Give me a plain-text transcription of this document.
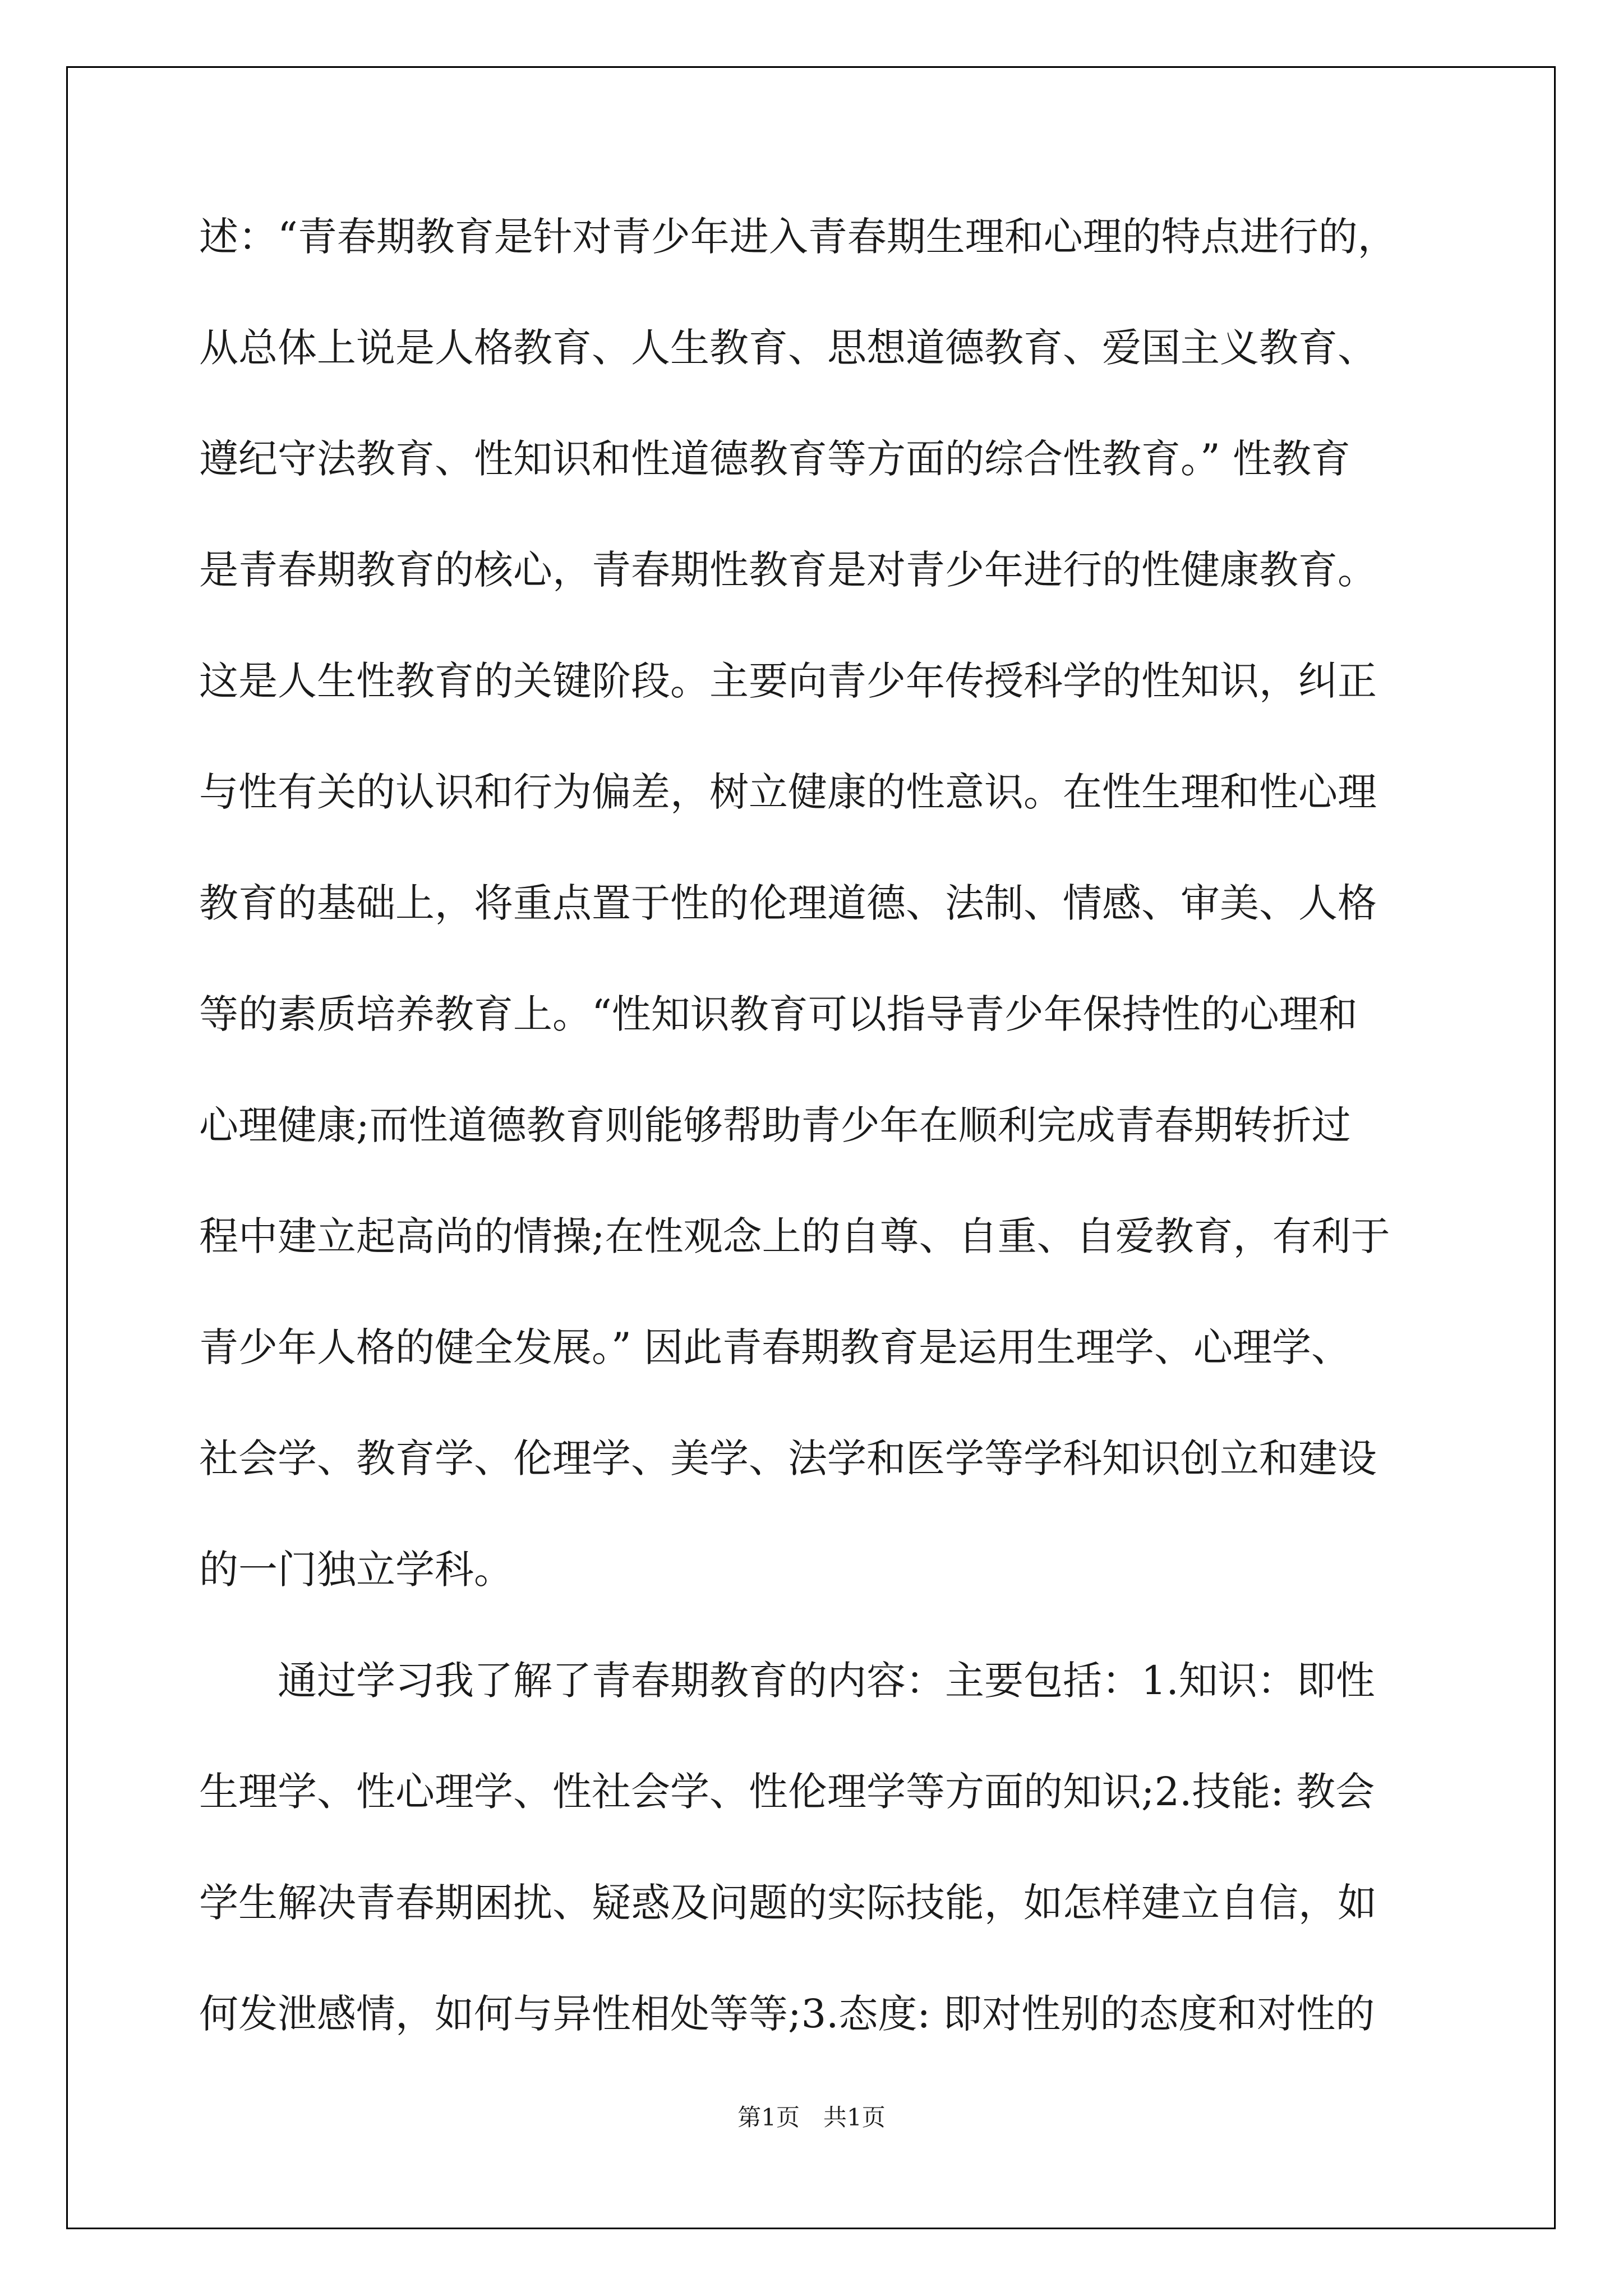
述：“青春期教育是针对青少年进入青春期生理和心理的特点进行的，
从总体上说是人格教育、人生教育、思想道德教育、爱国主义教育、
遵纪守法教育、性知识和性道德教育等方面的综合性教育。” 性教育
是青春期教育的核心，青春期性教育是对青少年进行的性健康教育。
这是人生性教育的关键阶段。主要向青少年传授科学的性知识，纠正
与性有关的认识和行为偏差，树立健康的性意识。在性生理和性心理
教育的基础上，将重点置于性的伦理道德、法制、情感、审美、人格
等的素质培养教育上。“性知识教育可以指导青少年保持性的心理和
心理健康;而性道德教育则能够帮助青少年在顺利完成青春期转折过
程中建立起高尚的情操;在性观念上的自尊、自重、自爱教育，有利于
青少年人格的健全发展。” 因此青春期教育是运用生理学、心理学、
社会学、教育学、伦理学、美学、法学和医学等学科知识创立和建设
的一门独立学科。
　　通过学习我了解了青春期教育的内容：主要包括：1.知识：即性
生理学、性心理学、性社会学、性伦理学等方面的知识;2.技能: 教会
学生解决青春期困扰、疑惑及问题的实际技能，如怎样建立自信，如
何发泄感情，如何与异性相处等等;3.态度: 即对性别的态度和对性的
第1页　共1页
